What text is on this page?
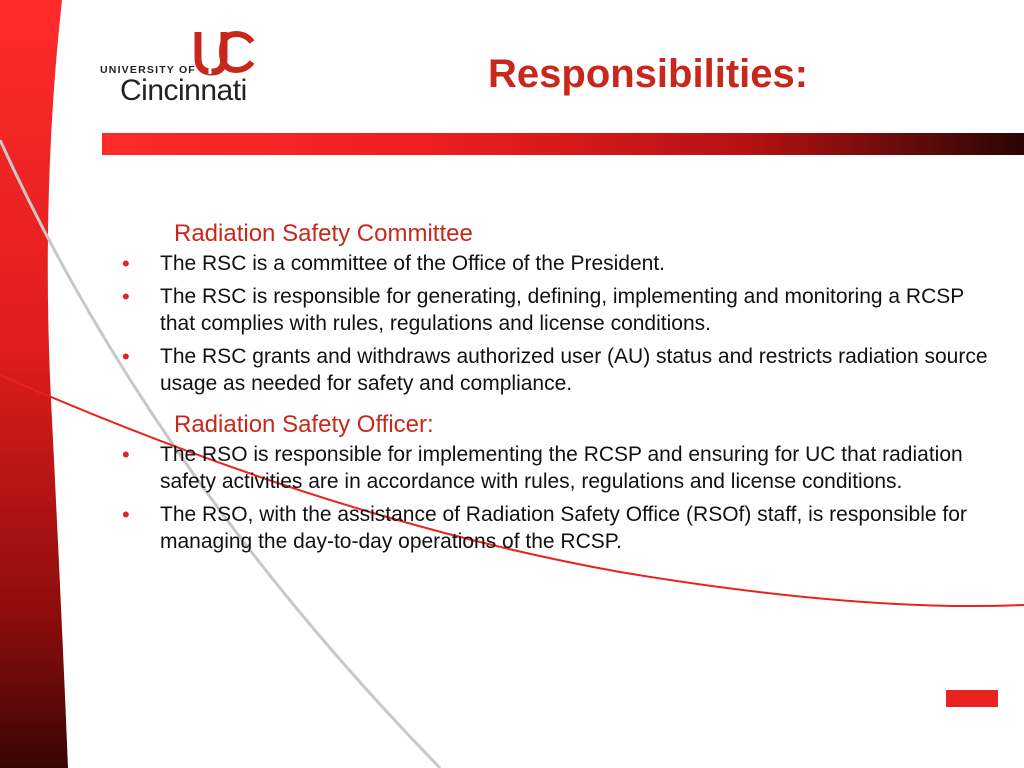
UNIVERSITY OF
Cincinnati	Responsibilities:
Radiation Safety Committee
• The RSC is a committee of the Office of the President.
• The RSC is responsible for generating, defining, implementing and monitoring a RCSP that complies with rules, regulations and license conditions.
• The RSC grants and withdraws authorized user (AU) status and restricts radiation source usage as needed for safety and compliance.
Radiation Safety Officer:
• The RSO is responsible for implementing the RCSP and ensuring for UC that radiation safety activities are in accordance with rules, regulations and license conditions.
• The RSO, with the assistance of Radiation Safety Office (RSOf) staff, is responsible for managing the day-to-day operations of the RCSP.
